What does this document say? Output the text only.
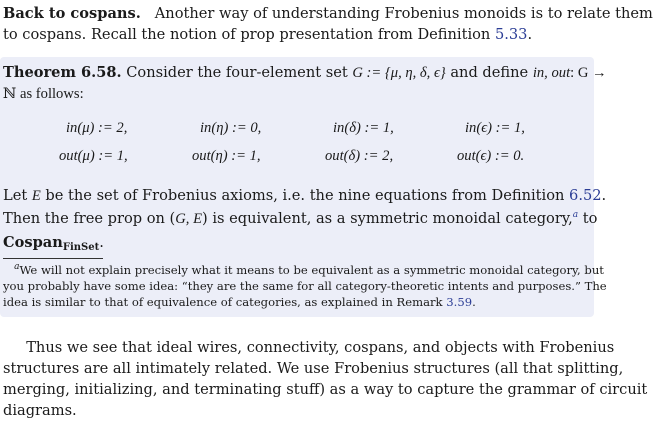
Back to cospans. Another way of understanding Frobenius monoids is to relate them
to cospans. Recall the notion of prop presentation from Definition 5.33.
Theorem 6.58. Consider the four-element set G := {μ, η, δ, ϵ} and define in, out: G →
ℕ as follows:
in(μ) := 2,	in(η) := 0,	in(δ) := 1,	in(ϵ) := 1,
out(μ) := 1,	out(η) := 1,	out(δ) := 2,	out(ϵ) := 0.
Let E be the set of Frobenius axioms, i.e. the nine equations from Definition 6.52.
Then the free prop on (G, E) is equivalent, as a symmetric monoidal category,$^a$ to
Cospan$_{FinSet}$.
$^a$We will not explain precisely what it means to be equivalent as a symmetric monoidal category, but
you probably have some idea: “they are the same for all category-theoretic intents and purposes.” The
idea is similar to that of equivalence of categories, as explained in Remark 3.59.
Thus we see that ideal wires, connectivity, cospans, and objects with Frobenius
structures are all intimately related. We use Frobenius structures (all that splitting,
merging, initializing, and terminating stuff) as a way to capture the grammar of circuit
diagrams.
